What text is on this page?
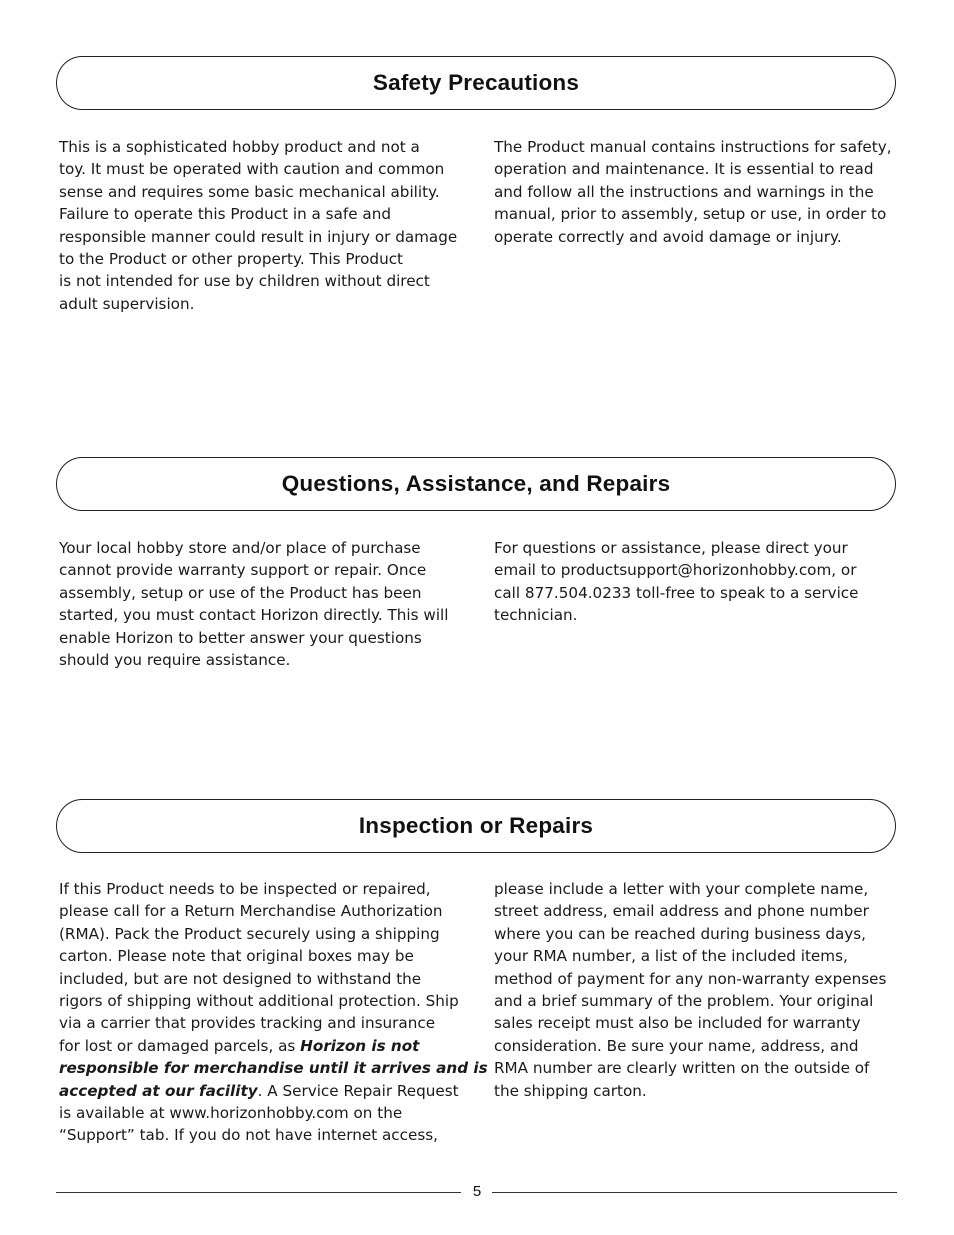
Safety Precautions
This is a sophisticated hobby product and not a
toy. It must be operated with caution and common
sense and requires some basic mechanical ability.
Failure to operate this Product in a safe and
responsible manner could result in injury or damage
to the Product or other property. This Product
is not intended for use by children without direct
adult supervision.
The Product manual contains instructions for safety,
operation and maintenance. It is essential to read
and follow all the instructions and warnings in the
manual, prior to assembly, setup or use, in order to
operate correctly and avoid damage or injury.
Questions, Assistance, and Repairs
Your local hobby store and/or place of purchase
cannot provide warranty support or repair. Once
assembly, setup or use of the Product has been
started, you must contact Horizon directly. This will
enable Horizon to better answer your questions
should you require assistance.
For questions or assistance, please direct your
email to productsupport@horizonhobby.com, or
call 877.504.0233 toll-free to speak to a service
technician.
Inspection or Repairs
If this Product needs to be inspected or repaired,
please call for a Return Merchandise Authorization
(RMA). Pack the Product securely using a shipping
carton. Please note that original boxes may be
included, but are not designed to withstand the
rigors of shipping without additional protection. Ship
via a carrier that provides tracking and insurance
for lost or damaged parcels, as Horizon is not
responsible for merchandise until it arrives and is
accepted at our facility. A Service Repair Request
is available at www.horizonhobby.com on the
“Support” tab. If you do not have internet access,
please include a letter with your complete name,
street address, email address and phone number
where you can be reached during business days,
your RMA number, a list of the included items,
method of payment for any non-warranty expenses
and a brief summary of the problem. Your original
sales receipt must also be included for warranty
consideration. Be sure your name, address, and
RMA number are clearly written on the outside of
the shipping carton.
5
